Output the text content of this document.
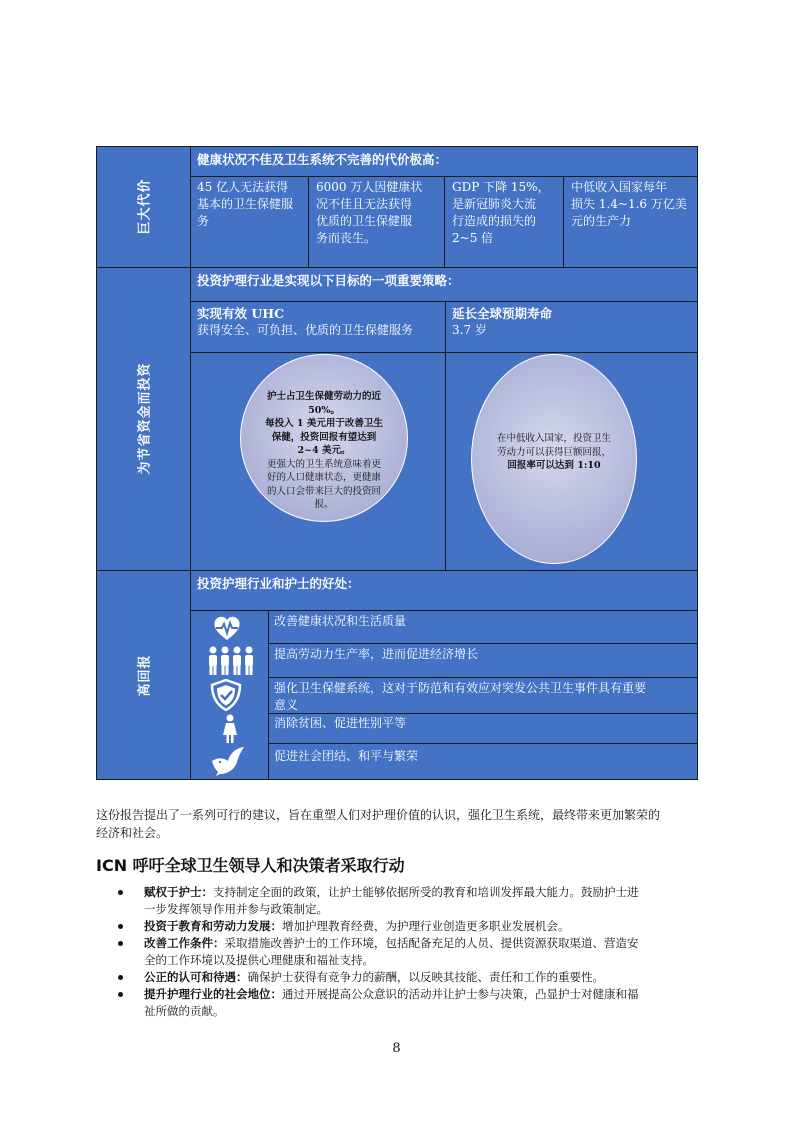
巨大代价
为节省资金而投资
高回报
健康状况不佳及卫生系统不完善的代价极高：
45 亿人无法获得
基本的卫生保健服
务
6000 万人因健康状
况不佳且无法获得
优质的卫生保健服
务而丧生。
GDP 下降 15%，
是新冠肺炎大流
行造成的损失的
2~5 倍
中低收入国家每年
损失 1.4~1.6 万亿美
元的生产力
投资护理行业是实现以下目标的一项重要策略：
实现有效 UHC
获得安全、可负担、优质的卫生保健服务
延长全球预期寿命
3.7 岁
护士占卫生保健劳动力的近
50%。
每投入 1 美元用于改善卫生
保健，投资回报有望达到
2~4 美元。
更强大的卫生系统意味着更
好的人口健康状态，更健康
的人口会带来巨大的投资回
报。
在中低收入国家，投资卫生
劳动力可以获得巨额回报，
回报率可以达到 1:10
投资护理行业和护士的好处：
改善健康状况和生活质量
提高劳动力生产率，进而促进经济增长
强化卫生保健系统，这对于防范和有效应对突发公共卫生事件具有重要
意义
消除贫困、促进性别平等
促进社会团结、和平与繁荣
这份报告提出了一系列可行的建议，旨在重塑人们对护理价值的认识，强化卫生系统，最终带来更加繁荣的
经济和社会。
ICN 呼吁全球卫生领导人和决策者采取行动
赋权于护士：支持制定全面的政策，让护士能够依据所受的教育和培训发挥最大能力。鼓励护士进
一步发挥领导作用并参与政策制定。
投资于教育和劳动力发展：增加护理教育经费，为护理行业创造更多职业发展机会。
改善工作条件：采取措施改善护士的工作环境，包括配备充足的人员、提供资源获取渠道、营造安
全的工作环境以及提供心理健康和福祉支持。
公正的认可和待遇：确保护士获得有竞争力的薪酬，以反映其技能、责任和工作的重要性。
提升护理行业的社会地位：通过开展提高公众意识的活动并让护士参与决策，凸显护士对健康和福
祉所做的贡献。
8
